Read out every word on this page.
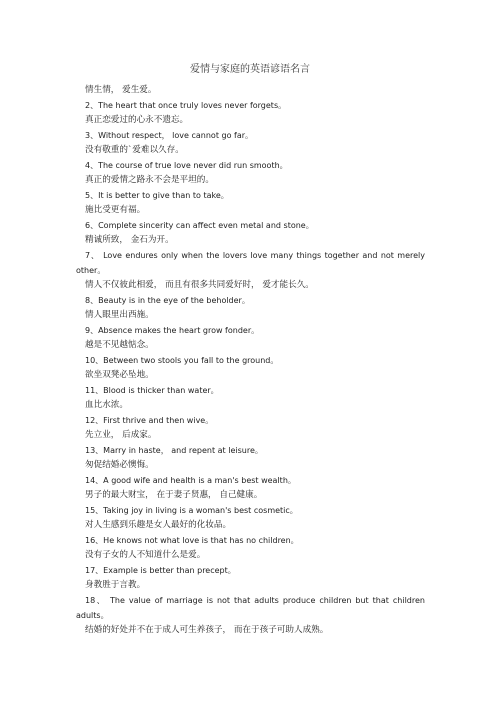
爱情与家庭的英语谚语名言
情生情， 爱生爱。
2、The heart that once truly loves never forgets。
真正恋爱过的心永不遗忘。
3、Without respect， love cannot go far。
没有敬重的`爱难以久存。
4、The course of true love never did run smooth。
真正的爱情之路永不会是平坦的。
5、It is better to give than to take。
施比受更有福。
6、Complete sincerity can affect even metal and stone。
精诚所致， 金石为开。
7、 Love endures only when the lovers love many things together and not merely
other。
情人不仅彼此相爱， 而且有很多共同爱好时， 爱才能长久。
8、Beauty is in the eye of the beholder。
情人眼里出西施。
9、Absence makes the heart grow fonder。
越是不见越惦念。
10、Between two stools you fall to the ground。
欲坐双凳必坠地。
11、Blood is thicker than water。
血比水浓。
12、First thrive and then wive。
先立业， 后成家。
13、Marry in haste， and repent at leisure。
匆促结婚必懊悔。
14、A good wife and health is a man's best wealth。
男子的最大财宝， 在于妻子贤惠， 自己健康。
15、Taking joy in living is a woman's best cosmetic。
对人生感到乐趣是女人最好的化妆品。
16、He knows not what love is that has no children。
没有子女的人不知道什么是爱。
17、Example is better than precept。
身教胜于言教。
18、 The value of marriage is not that adults produce children but that children
adults。
结婚的好处并不在于成人可生养孩子， 而在于孩子可助人成熟。
